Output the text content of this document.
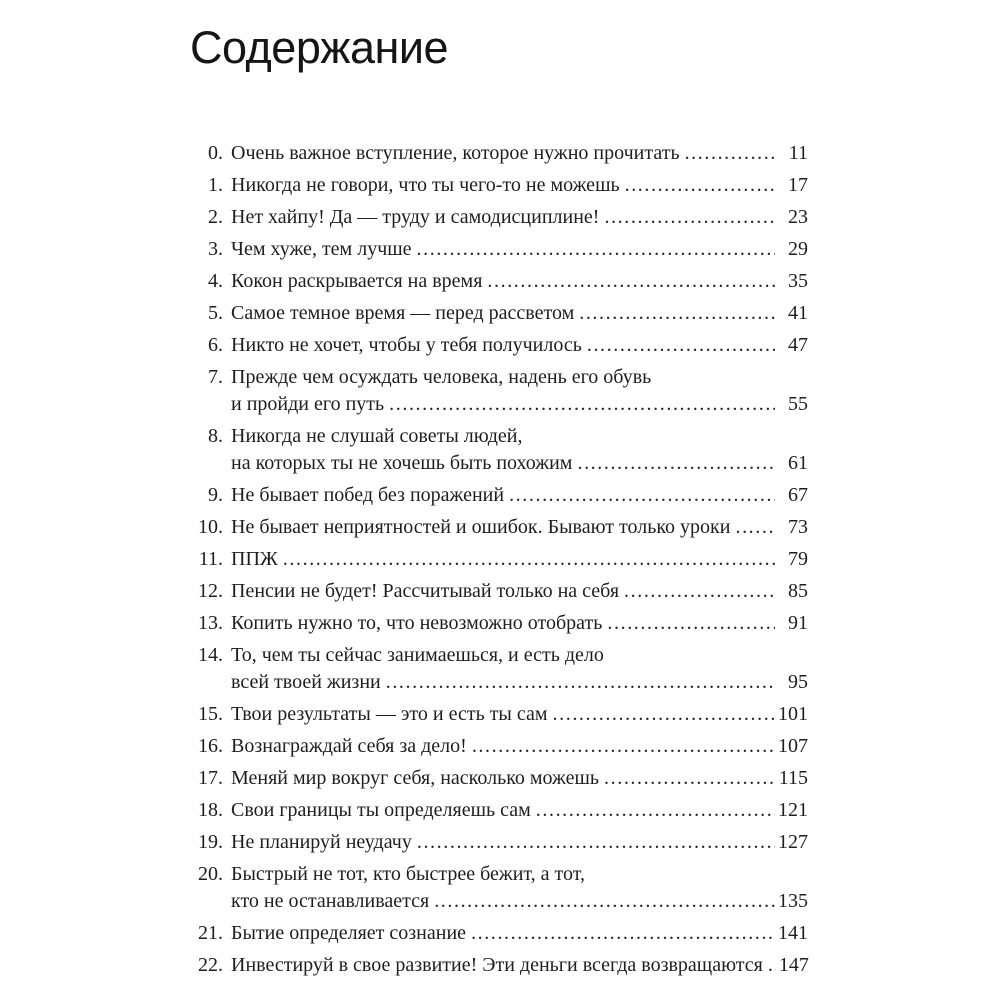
Содержание
0. Очень важное вступление, которое нужно прочитать .....	11
1. Никогда не говори, что ты чего-то не можешь .....	17
2. Нет хайпу! Да — труду и самодисциплине! .....	23
3. Чем хуже, тем лучше .....	29
4. Кокон раскрывается на время .....	35
5. Самое темное время — перед рассветом .....	41
6. Никто не хочет, чтобы у тебя получилось .....	47
7. Прежде чем осуждать человека, надень его обувь
и пройди его путь .....	55
8. Никогда не слушай советы людей,
на которых ты не хочешь быть похожим .....	61
9. Не бывает побед без поражений .....	67
10. Не бывает неприятностей и ошибок. Бывают только уроки .....	73
11. ППЖ .....	79
12. Пенсии не будет! Рассчитывай только на себя .....	85
13. Копить нужно то, что невозможно отобрать .....	91
14. То, чем ты сейчас занимаешься, и есть дело
всей твоей жизни .....	95
15. Твои результаты — это и есть ты сам .....	101
16. Вознаграждай себя за дело! .....	107
17. Меняй мир вокруг себя, насколько можешь .....	115
18. Свои границы ты определяешь сам .....	121
19. Не планируй неудачу .....	127
20. Быстрый не тот, кто быстрее бежит, а тот,
кто не останавливается .....	135
21. Бытие определяет сознание .....	141
22. Инвестируй в свое развитие! Эти деньги всегда возвращаются ..... 147
